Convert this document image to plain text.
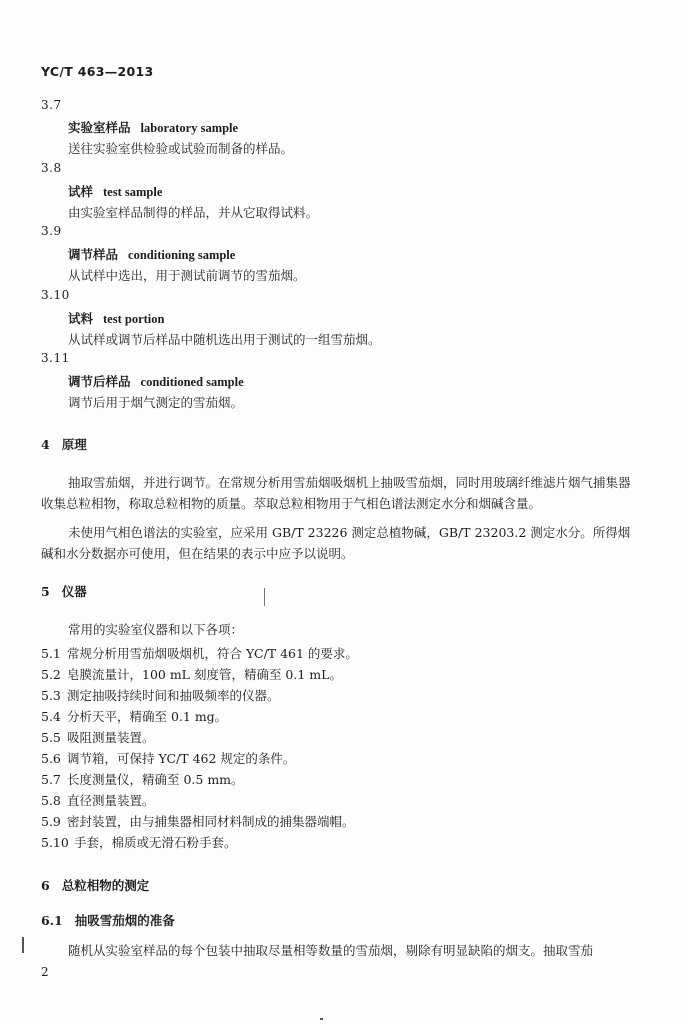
YC/T 463—2013
3.7
实验室样品 laboratory sample
送往实验室供检验或试验而制备的样品。
3.8
试样 test sample
由实验室样品制得的样品，并从它取得试料。
3.9
调节样品 conditioning sample
从试样中选出，用于测试前调节的雪茄烟。
3.10
试料 test portion
从试样或调节后样品中随机选出用于测试的一组雪茄烟。
3.11
调节后样品 conditioned sample
调节后用于烟气测定的雪茄烟。
4 原理
抽取雪茄烟，并进行调节。在常规分析用雪茄烟吸烟机上抽吸雪茄烟，同时用玻璃纤维滤片烟气捕集器收集总粒相物，称取总粒相物的质量。萃取总粒相物用于气相色谱法测定水分和烟碱含量。
未使用气相色谱法的实验室，应采用 GB/T 23226 测定总植物碱，GB/T 23203.2 测定水分。所得烟碱和水分数据亦可使用，但在结果的表示中应予以说明。
5 仪器
常用的实验室仪器和以下各项：
5.1 常规分析用雪茄烟吸烟机，符合 YC/T 461 的要求。
5.2 皂膜流量计，100 mL 刻度管，精确至 0.1 mL。
5.3 测定抽吸持续时间和抽吸频率的仪器。
5.4 分析天平，精确至 0.1 mg。
5.5 吸阻测量装置。
5.6 调节箱，可保持 YC/T 462 规定的条件。
5.7 长度测量仪，精确至 0.5 mm。
5.8 直径测量装置。
5.9 密封装置，由与捕集器相同材料制成的捕集器端帽。
5.10 手套，棉质或无滑石粉手套。
6 总粒相物的测定
6.1 抽吸雪茄烟的准备
随机从实验室样品的每个包装中抽取尽量相等数量的雪茄烟，剔除有明显缺陷的烟支。抽取雪茄
2
